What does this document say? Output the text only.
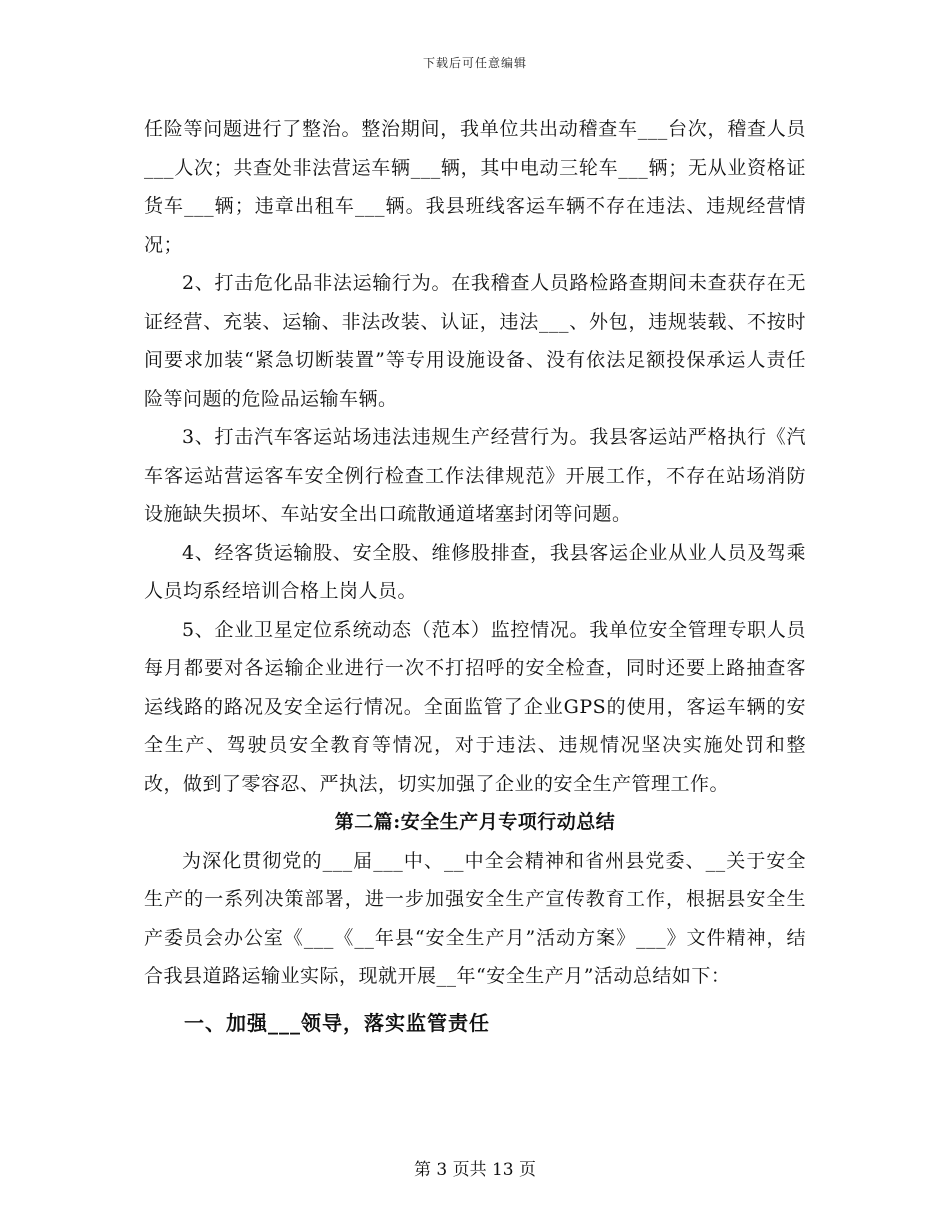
下载后可任意编辑

任险等问题进行了整治。整治期间，我单位共出动稽查车___台次，稽查人员___人次；共查处非法营运车辆___辆，其中电动三轮车___辆；无从业资格证货车___辆；违章出租车___辆。我县班线客运车辆不存在违法、违规经营情况；

2、打击危化品非法运输行为。在我稽查人员路检路查期间未查获存在无证经营、充装、运输、非法改装、认证，违法___、外包，违规装载、不按时间要求加装“紧急切断装置”等专用设施设备、没有依法足额投保承运人责任险等问题的危险品运输车辆。

3、打击汽车客运站场违法违规生产经营行为。我县客运站严格执行《汽车客运站营运客车安全例行检查工作法律规范》开展工作，不存在站场消防设施缺失损坏、车站安全出口疏散通道堵塞封闭等问题。

4、经客货运输股、安全股、维修股排查，我县客运企业从业人员及驾乘人员均系经培训合格上岗人员。

5、企业卫星定位系统动态（范本）监控情况。我单位安全管理专职人员每月都要对各运输企业进行一次不打招呼的安全检查，同时还要上路抽查客运线路的路况及安全运行情况。全面监管了企业GPS的使用，客运车辆的安全生产、驾驶员安全教育等情况，对于违法、违规情况坚决实施处罚和整改，做到了零容忍、严执法，切实加强了企业的安全生产管理工作。

第二篇:安全生产月专项行动总结

为深化贯彻党的___届___中、__中全会精神和省州县党委、__关于安全生产的一系列决策部署，进一步加强安全生产宣传教育工作，根据县安全生产委员会办公室《___《__年县“安全生产月”活动方案》___》文件精神，结合我县道路运输业实际，现就开展__年“安全生产月”活动总结如下：

一、加强___领导，落实监管责任

第 3 页共 13 页
